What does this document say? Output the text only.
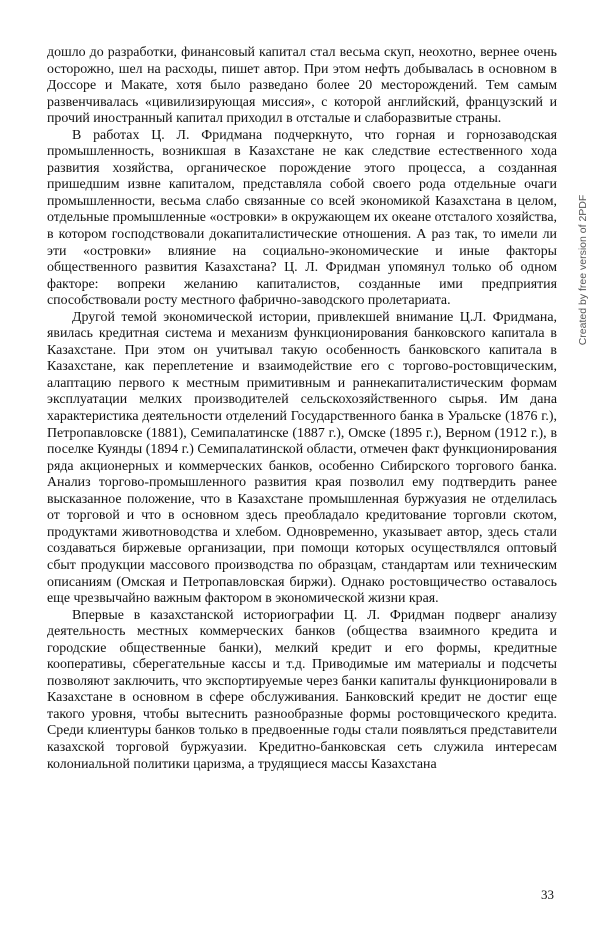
дошло до разработки, финансовый капитал стал весьма скуп, неохотно, вернее очень осторожно, шел на расходы, пишет автор. При этом нефть добывалась в основном в Доссоре и Макате, хотя было разведано более 20 месторождений. Тем самым развенчивалась «цивилизирующая миссия», с которой английский, французский и прочий иностранный капитал приходил в отсталые и слаборазвитые страны.

В работах Ц. Л. Фридмана подчеркнуто, что горная и горнозаводская промышленность, возникшая в Казахстане не как следствие естественного хода развития хозяйства, органическое порождение этого процесса, а созданная пришедшим извне капиталом, представляла собой своего рода отдельные очаги промышленности, весьма слабо связанные со всей экономикой Казахстана в целом, отдельные промышленные «островки» в окружающем их океане отсталого хозяйства, в котором господствовали докапиталистические отношения. А раз так, то имели ли эти «островки» влияние на социально-экономические и иные факторы общественного развития Казахстана? Ц. Л. Фридман упомянул только об одном факторе: вопреки желанию капиталистов, созданные ими предприятия способствовали росту местного фабрично-заводского пролетариата.

Другой темой экономической истории, привлекшей внимание Ц.Л. Фридмана, явилась кредитная система и механизм функционирования банковского капитала в Казахстане. При этом он учитывал такую особенность банковского капитала в Казахстане, как переплетение и взаимодействие его с торгово-ростовщическим, алаптацию первого к местным примитивным и раннекапиталистическим формам эксплуатации мелких производителей сельскохозяйственного сырья. Им дана характеристика деятельности отделений Государственного банка в Уральске (1876 г.), Петропавловске (1881), Семипалатинске (1887 г.), Омске (1895 г.), Верном (1912 г.), в поселке Куянды (1894 г.) Семипалатинской области, отмечен факт функционирования ряда акционерных и коммерческих банков, особенно Сибирского торгового банка. Анализ торгово-промышленного развития края позволил ему подтвердить ранее высказанное положение, что в Казахстане промышленная буржуазия не отделилась от торговой и что в основном здесь преобладало кредитование торговли скотом, продуктами животноводства и хлебом. Одновременно, указывает автор, здесь стали создаваться биржевые организации, при помощи которых осуществлялся оптовый сбыт продукции массового производства по образцам, стандартам или техническим описаниям (Омская и Петропавловская биржи). Однако ростовщичество оставалось еще чрезвычайно важным фактором в экономической жизни края.

Впервые в казахстанской историографии Ц. Л. Фридман подверг анализу деятельность местных коммерческих банков (общества взаимного кредита и городские общественные банки), мелкий кредит и его формы, кредитные кооперативы, сберегательные кассы и т.д. Приводимые им материалы и подсчеты позволяют заключить, что экспортируемые через банки капиталы функционировали в Казахстане в основном в сфере обслуживания. Банковский кредит не достиг еще такого уровня, чтобы вытеснить разнообразные формы ростовщического кредита. Среди клиентуры банков только в предвоенные годы стали появляться представители казахской торговой буржуазии. Кредитно-банковская сеть служила интересам колониальной политики царизма, а трудящиеся массы Казахстана

Created by free version of 2PDF
33
